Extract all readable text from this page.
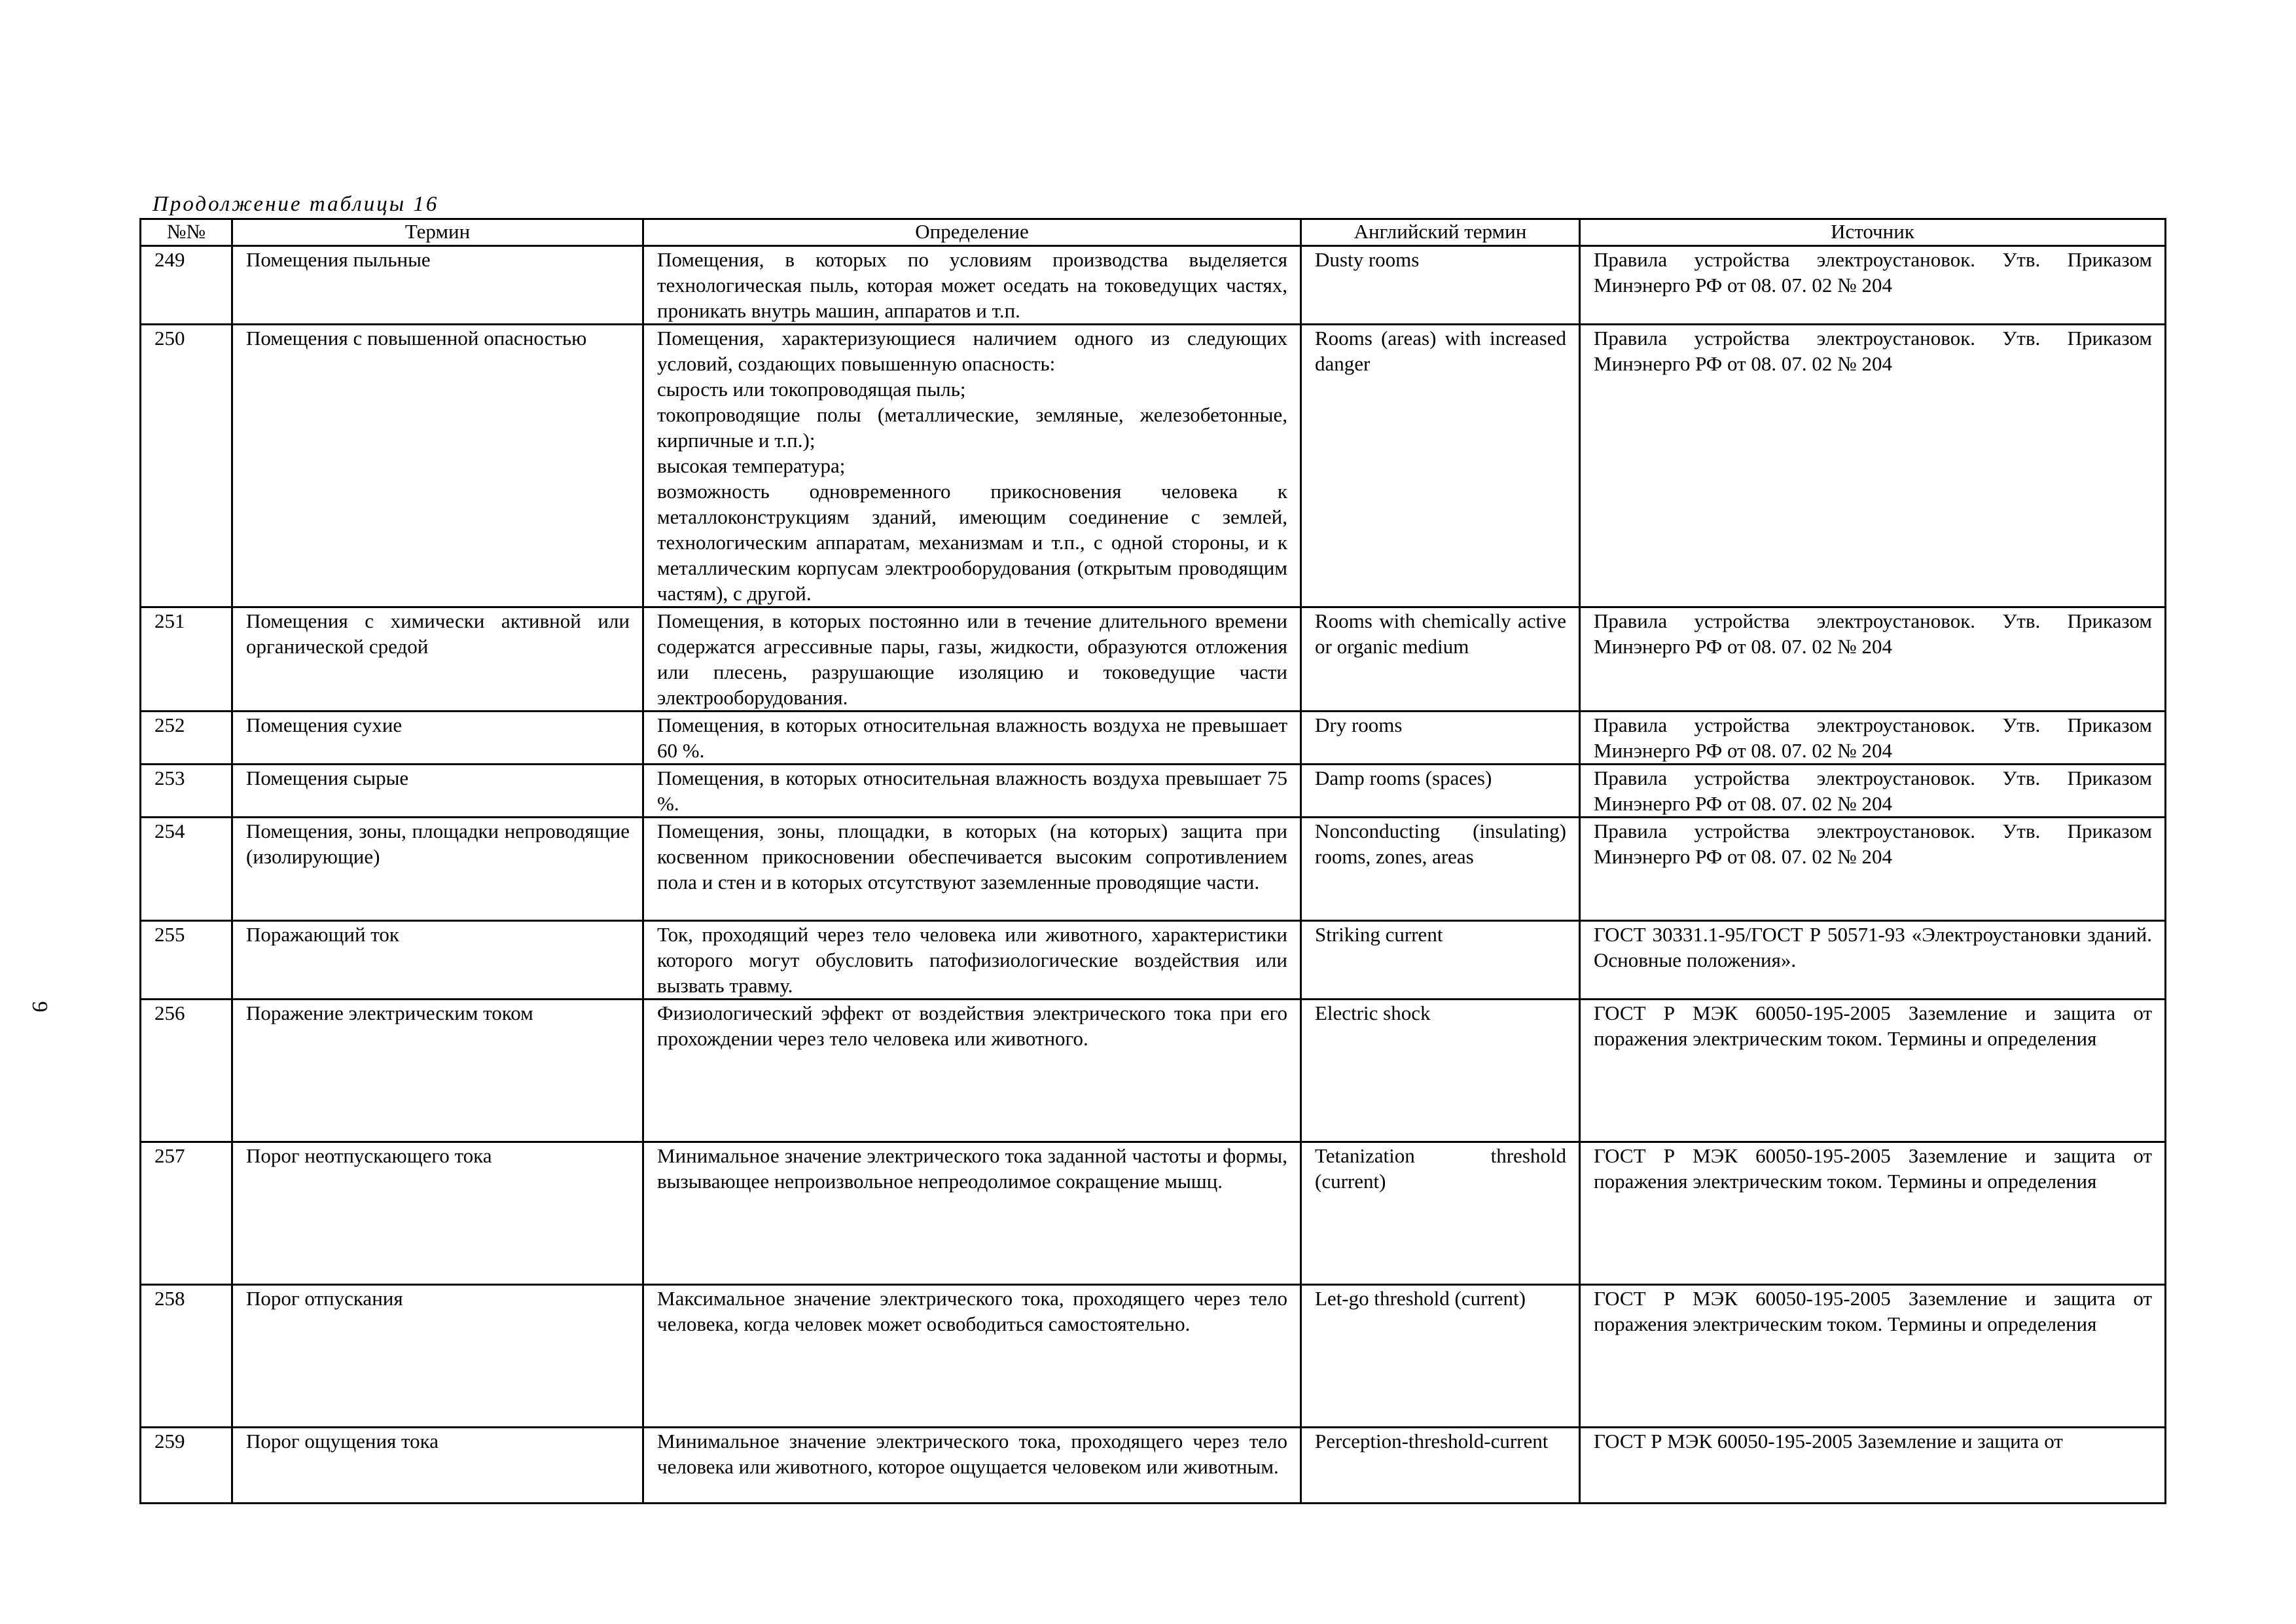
Продолжение таблицы 16
9
№№	Термин	Определение	Английский термин	Источник
249	Помещения пыльные	Помещения, в которых по условиям производства выделяется технологическая пыль, которая может оседать на токоведущих частях, проникать внутрь машин, аппаратов и т.п.	Dusty rooms	Правила устройства электроустановок. Утв. Приказом Минэнерго РФ от 08. 07. 02 № 204
250	Помещения с повышенной опасностью	Помещения, характеризующиеся наличием одного из следующих условий, создающих повышенную опасность:
сырость или токопроводящая пыль;
токопроводящие полы (металлические, земляные, железобетонные, кирпичные и т.п.);
высокая температура;
возможность одновременного прикосновения человека к металлоконструкциям зданий, имеющим соединение с землей, технологическим аппаратам, механизмам и т.п., с одной стороны, и к металлическим корпусам электрооборудования (открытым проводящим частям), с другой.	Rooms (areas) with increased danger	Правила устройства электроустановок. Утв. Приказом Минэнерго РФ от 08. 07. 02 № 204
251	Помещения с химически активной или органической средой	Помещения, в которых постоянно или в течение длительного времени содержатся агрессивные пары, газы, жидкости, образуются отложения или плесень, разрушающие изоляцию и токоведущие части электрооборудования.	Rooms with chemically active or organic medium	Правила устройства электроустановок. Утв. Приказом Минэнерго РФ от 08. 07. 02 № 204
252	Помещения сухие	Помещения, в которых относительная влажность воздуха не превышает 60 %.	Dry rooms	Правила устройства электроустановок. Утв. Приказом Минэнерго РФ от 08. 07. 02 № 204
253	Помещения сырые	Помещения, в которых относительная влажность воздуха превышает 75 %.	Damp rooms (spaces)	Правила устройства электроустановок. Утв. Приказом Минэнерго РФ от 08. 07. 02 № 204
254	Помещения, зоны, площадки непроводящие (изолирующие)	Помещения, зоны, площадки, в которых (на которых) защита при косвенном прикосновении обеспечивается высоким сопротивлением пола и стен и в которых отсутствуют заземленные проводящие части.	Nonconducting (insulating) rooms, zones, areas	Правила устройства электроустановок. Утв. Приказом Минэнерго РФ от 08. 07. 02 № 204
255	Поражающий ток	Ток, проходящий через тело человека или животного, характеристики которого могут обусловить патофизиологические воздействия или вызвать травму.	Striking current	ГОСТ 30331.1-95/ГОСТ Р 50571-93 «Электроустановки зданий. Основные положения».
256	Поражение электрическим током	Физиологический эффект от воздействия электрического тока при его прохождении через тело человека или животного.	Electric shock	ГОСТ Р МЭК 60050-195-2005 Заземление и защита от поражения электрическим током. Термины и определения
257	Порог неотпускающего тока	Минимальное значение электрического тока заданной частоты и формы, вызывающее непроизвольное непреодолимое сокращение мышц.	Tetanization threshold (current)	ГОСТ Р МЭК 60050-195-2005 Заземление и защита от поражения электрическим током. Термины и определения
258	Порог отпускания	Максимальное значение электрического тока, проходящего через тело человека, когда человек может освободиться самостоятельно.	Let-go threshold (current)	ГОСТ Р МЭК 60050-195-2005 Заземление и защита от поражения электрическим током. Термины и определения
259	Порог ощущения тока	Минимальное значение электрического тока, проходящего через тело человека или животного, которое ощущается человеком или животным.	Perception-threshold-current	ГОСТ Р МЭК 60050-195-2005 Заземление и защита от
